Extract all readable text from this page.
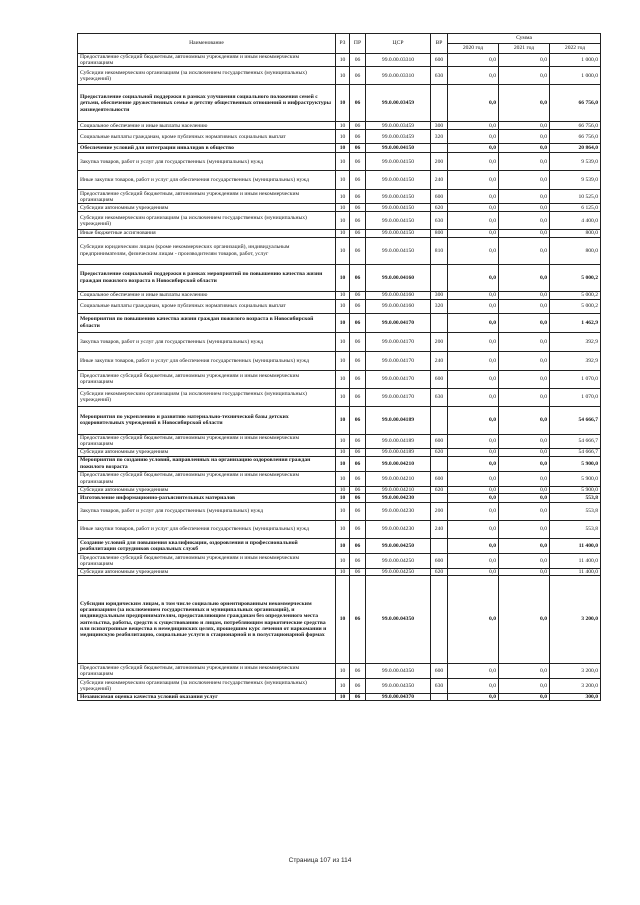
Наименование	РЗ	ПР	ЦСР	ВР	Сумма		
					2020 год	2021 год	2022 год
Предоставление субсидий бюджетным, автономным учреждениям и иным некоммерческим организациям	10	06	99.0.00.03310	600	0,0	0,0	1 000,0
Субсидии некоммерческим организациям (за исключением государственных (муниципальных) учреждений)	10	06	99.0.00.03310	630	0,0	0,0	1 000,0
Предоставление социальной поддержки в рамках улучшения социального положения семей с детьми, обеспечение дружественных семье и детству общественных отношений и инфраструктуры жизнедеятельности	10	06	99.0.00.03459		0,0	0,0	66 756,0
Социальное обеспечение и иные выплаты населению	10	06	99.0.00.03459	300	0,0	0,0	66 756,0
Социальные выплаты гражданам, кроме публичных нормативных социальных выплат	10	06	99.0.00.03459	320	0,0	0,0	66 756,0
Обеспечение условий для интеграции инвалидов в общество	10	06	99.0.00.04150		0,0	0,0	20 864,0
Закупка товаров, работ и услуг для государственных (муниципальных) нужд	10	06	99.0.00.04150	200	0,0	0,0	9 539,0
Иные закупки товаров, работ и услуг для обеспечения государственных (муниципальных) нужд	10	06	99.0.00.04150	240	0,0	0,0	9 539,0
Предоставление субсидий бюджетным, автономным учреждениям и иным некоммерческим организациям	10	06	99.0.00.04150	600	0,0	0,0	10 525,0
Субсидии автономным учреждениям	10	06	99.0.00.04150	620	0,0	0,0	6 125,0
Субсидии некоммерческим организациям (за исключением государственных (муниципальных) учреждений)	10	06	99.0.00.04150	630	0,0	0,0	4 400,0
Иные бюджетные ассигнования	10	06	99.0.00.04150	800	0,0	0,0	800,0
Субсидии юридическим лицам (кроме некоммерческих организаций), индивидуальным предпринимателям, физическим лицам - производителям товаров, работ, услуг	10	06	99.0.00.04150	810	0,0	0,0	800,0
Предоставление социальной поддержки в рамках мероприятий по повышению качества жизни граждан пожилого возраста в Новосибирской области	10	06	99.0.00.04160		0,0	0,0	5 000,2
Социальное обеспечение и иные выплаты населению	10	06	99.0.00.04160	300	0,0	0,0	5 000,2
Социальные выплаты гражданам, кроме публичных нормативных социальных выплат	10	06	99.0.00.04160	320	0,0	0,0	5 000,2
Мероприятия по повышению качества жизни граждан пожилого возраста в Новосибирской области	10	06	99.0.00.04170		0,0	0,0	1 462,9
Закупка товаров, работ и услуг для государственных (муниципальных) нужд	10	06	99.0.00.04170	200	0,0	0,0	392,9
Иные закупки товаров, работ и услуг для обеспечения государственных (муниципальных) нужд	10	06	99.0.00.04170	240	0,0	0,0	392,9
Предоставление субсидий бюджетным, автономным учреждениям и иным некоммерческим организациям	10	06	99.0.00.04170	600	0,0	0,0	1 070,0
Субсидии некоммерческим организациям (за исключением государственных (муниципальных) учреждений)	10	06	99.0.00.04170	630	0,0	0,0	1 070,0
Мероприятия по укреплению и развитию материально-технической базы детских оздоровительных учреждений в Новосибирской области	10	06	99.0.00.04189		0,0	0,0	54 666,7
Предоставление субсидий бюджетным, автономным учреждениям и иным некоммерческим организациям	10	06	99.0.00.04189	600	0,0	0,0	54 666,7
Субсидии автономным учреждениям	10	06	99.0.00.04189	620	0,0	0,0	54 666,7
Мероприятия по созданию условий, направленных на организацию оздоровления граждан пожилого возраста	10	06	99.0.00.04210		0,0	0,0	5 900,0
Предоставление субсидий бюджетным, автономным учреждениям и иным некоммерческим организациям	10	06	99.0.00.04210	600	0,0	0,0	5 900,0
Субсидии автономным учреждениям	10	06	99.0.00.04210	620	0,0	0,0	5 900,0
Изготовление информационно-разъяснительных материалов	10	06	99.0.00.04230		0,0	0,0	553,8
Закупка товаров, работ и услуг для государственных (муниципальных) нужд	10	06	99.0.00.04230	200	0,0	0,0	553,8
Иные закупки товаров, работ и услуг для обеспечения государственных (муниципальных) нужд	10	06	99.0.00.04230	240	0,0	0,0	553,8
Создание условий для повышения квалификации, оздоровления и профессиональной реабилитации сотрудников социальных служб	10	06	99.0.00.04250		0,0	0,0	11 400,0
Предоставление субсидий бюджетным, автономным учреждениям и иным некоммерческим организациям	10	06	99.0.00.04250	600	0,0	0,0	11 400,0
Субсидии автономным учреждениям	10	06	99.0.00.04250	620	0,0	0,0	11 400,0
Субсидии юридическим лицам, в том числе социально ориентированным некоммерческим организациям (за исключением государственных и муниципальных организаций), и индивидуальным предпринимателям, предоставляющим гражданам без определенного места жительства, работы, средств к существованию и лицам, потребляющим наркотические средства или психотропные вещества в немедицинских целях, прошедшим курс лечения от наркомании и медицинскую реабилитацию, социальные услуги в стационарной и в полустационарной формах	10	06	99.0.00.04350		0,0	0,0	3 200,0
Предоставление субсидий бюджетным, автономным учреждениям и иным некоммерческим организациям	10	06	99.0.00.04350	600	0,0	0,0	3 200,0
Субсидии некоммерческим организациям (за исключением государственных (муниципальных) учреждений)	10	06	99.0.00.04350	630	0,0	0,0	3 200,0
Независимая оценка качества условий оказания услуг	10	06	99.0.00.04370		0,0	0,0	300,0
Страница 107 из 114
